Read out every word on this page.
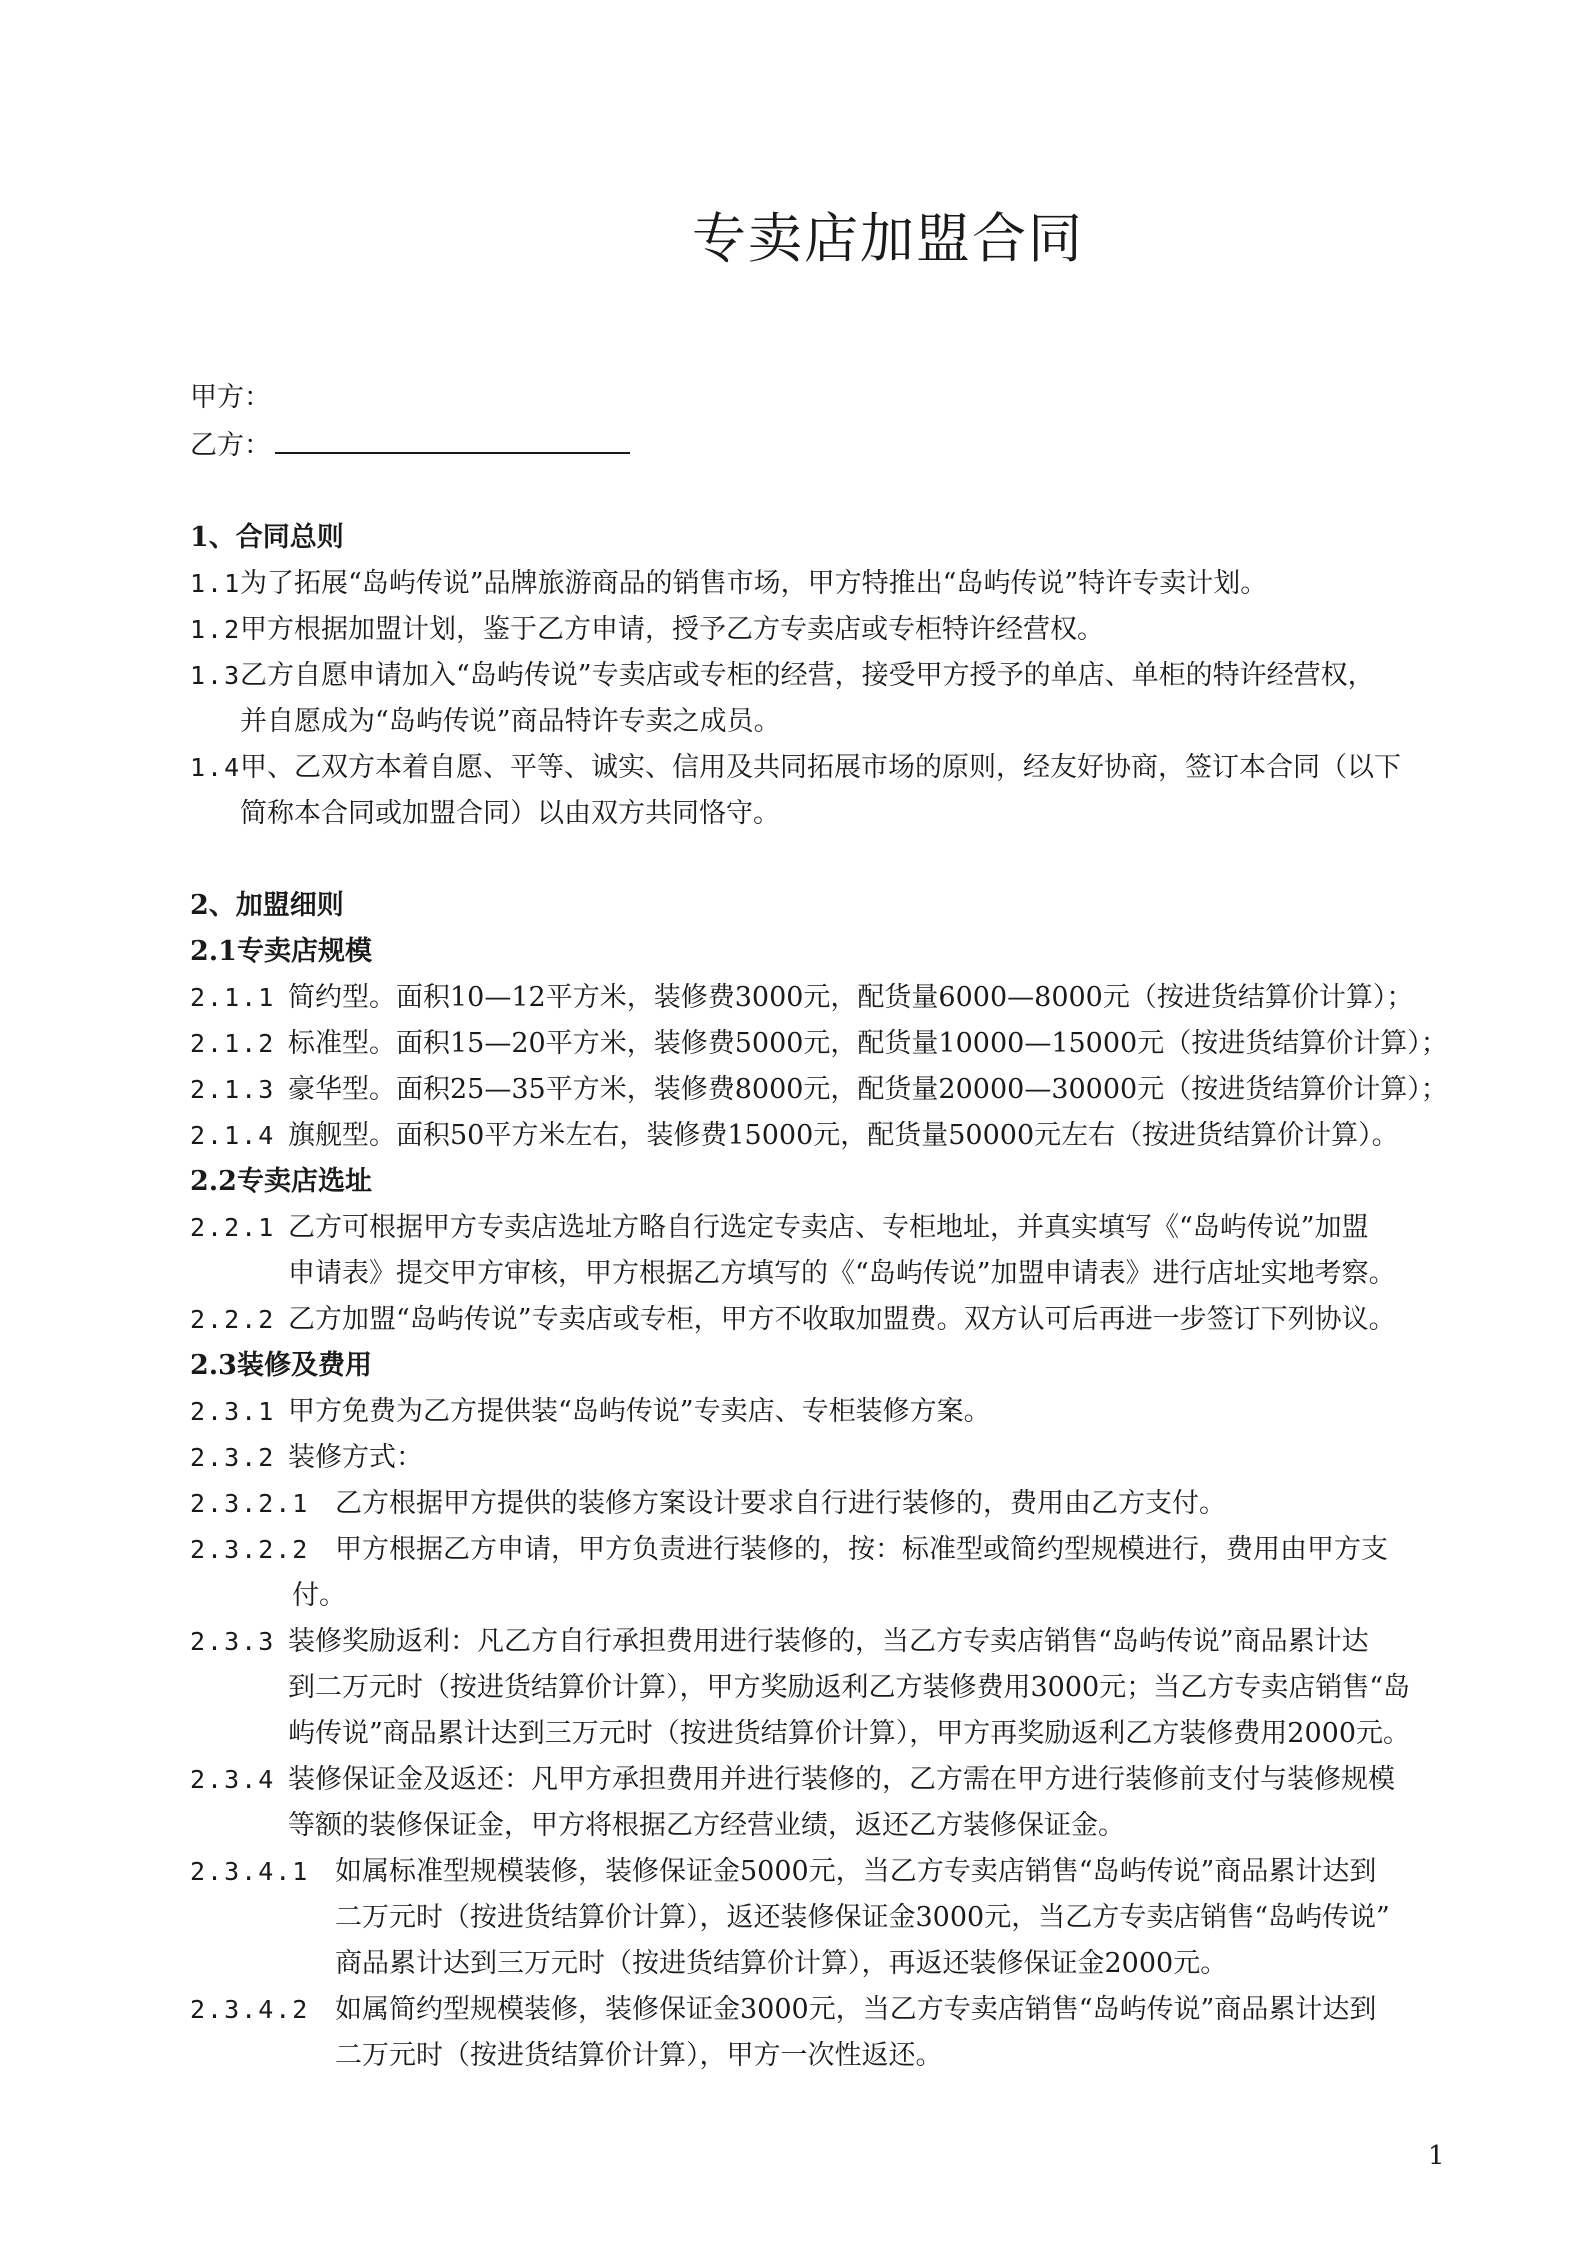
专卖店加盟合同
甲方：
乙方：
1、合同总则
1.1为了拓展“岛屿传说”品牌旅游商品的销售市场，甲方特推出“岛屿传说”特许专卖计划。
1.2甲方根据加盟计划，鉴于乙方申请，授予乙方专卖店或专柜特许经营权。
1.3乙方自愿申请加入“岛屿传说”专卖店或专柜的经营，接受甲方授予的单店、单柜的特许经营权，
并自愿成为“岛屿传说”商品特许专卖之成员。
1.4甲、乙双方本着自愿、平等、诚实、信用及共同拓展市场的原则，经友好协商，签订本合同（以下
简称本合同或加盟合同）以由双方共同恪守。
2、加盟细则
2.1专卖店规模
2.1.1 简约型。面积10—12平方米，装修费3000元，配货量6000—8000元（按进货结算价计算）；
2.1.2 标准型。面积15—20平方米，装修费5000元，配货量10000—15000元（按进货结算价计算）；
2.1.3 豪华型。面积25—35平方米，装修费8000元，配货量20000—30000元（按进货结算价计算）；
2.1.4 旗舰型。面积50平方米左右，装修费15000元，配货量50000元左右（按进货结算价计算）。
2.2专卖店选址
2.2.1 乙方可根据甲方专卖店选址方略自行选定专卖店、专柜地址，并真实填写《“岛屿传说”加盟
申请表》提交甲方审核，甲方根据乙方填写的《“岛屿传说”加盟申请表》进行店址实地考察。
2.2.2 乙方加盟“岛屿传说”专卖店或专柜，甲方不收取加盟费。双方认可后再进一步签订下列协议。
2.3装修及费用
2.3.1 甲方免费为乙方提供装“岛屿传说”专卖店、专柜装修方案。
2.3.2 装修方式：
2.3.2.1 乙方根据甲方提供的装修方案设计要求自行进行装修的，费用由乙方支付。
2.3.2.2 甲方根据乙方申请，甲方负责进行装修的，按：标准型或简约型规模进行，费用由甲方支
付。
2.3.3 装修奖励返利：凡乙方自行承担费用进行装修的，当乙方专卖店销售“岛屿传说”商品累计达
到二万元时（按进货结算价计算），甲方奖励返利乙方装修费用3000元；当乙方专卖店销售“岛
屿传说”商品累计达到三万元时（按进货结算价计算），甲方再奖励返利乙方装修费用2000元。
2.3.4 装修保证金及返还：凡甲方承担费用并进行装修的，乙方需在甲方进行装修前支付与装修规模
等额的装修保证金，甲方将根据乙方经营业绩，返还乙方装修保证金。
2.3.4.1 如属标准型规模装修，装修保证金5000元，当乙方专卖店销售“岛屿传说”商品累计达到
二万元时（按进货结算价计算），返还装修保证金3000元，当乙方专卖店销售“岛屿传说”
商品累计达到三万元时（按进货结算价计算），再返还装修保证金2000元。
2.3.4.2 如属简约型规模装修，装修保证金3000元，当乙方专卖店销售“岛屿传说”商品累计达到
二万元时（按进货结算价计算），甲方一次性返还。
1
